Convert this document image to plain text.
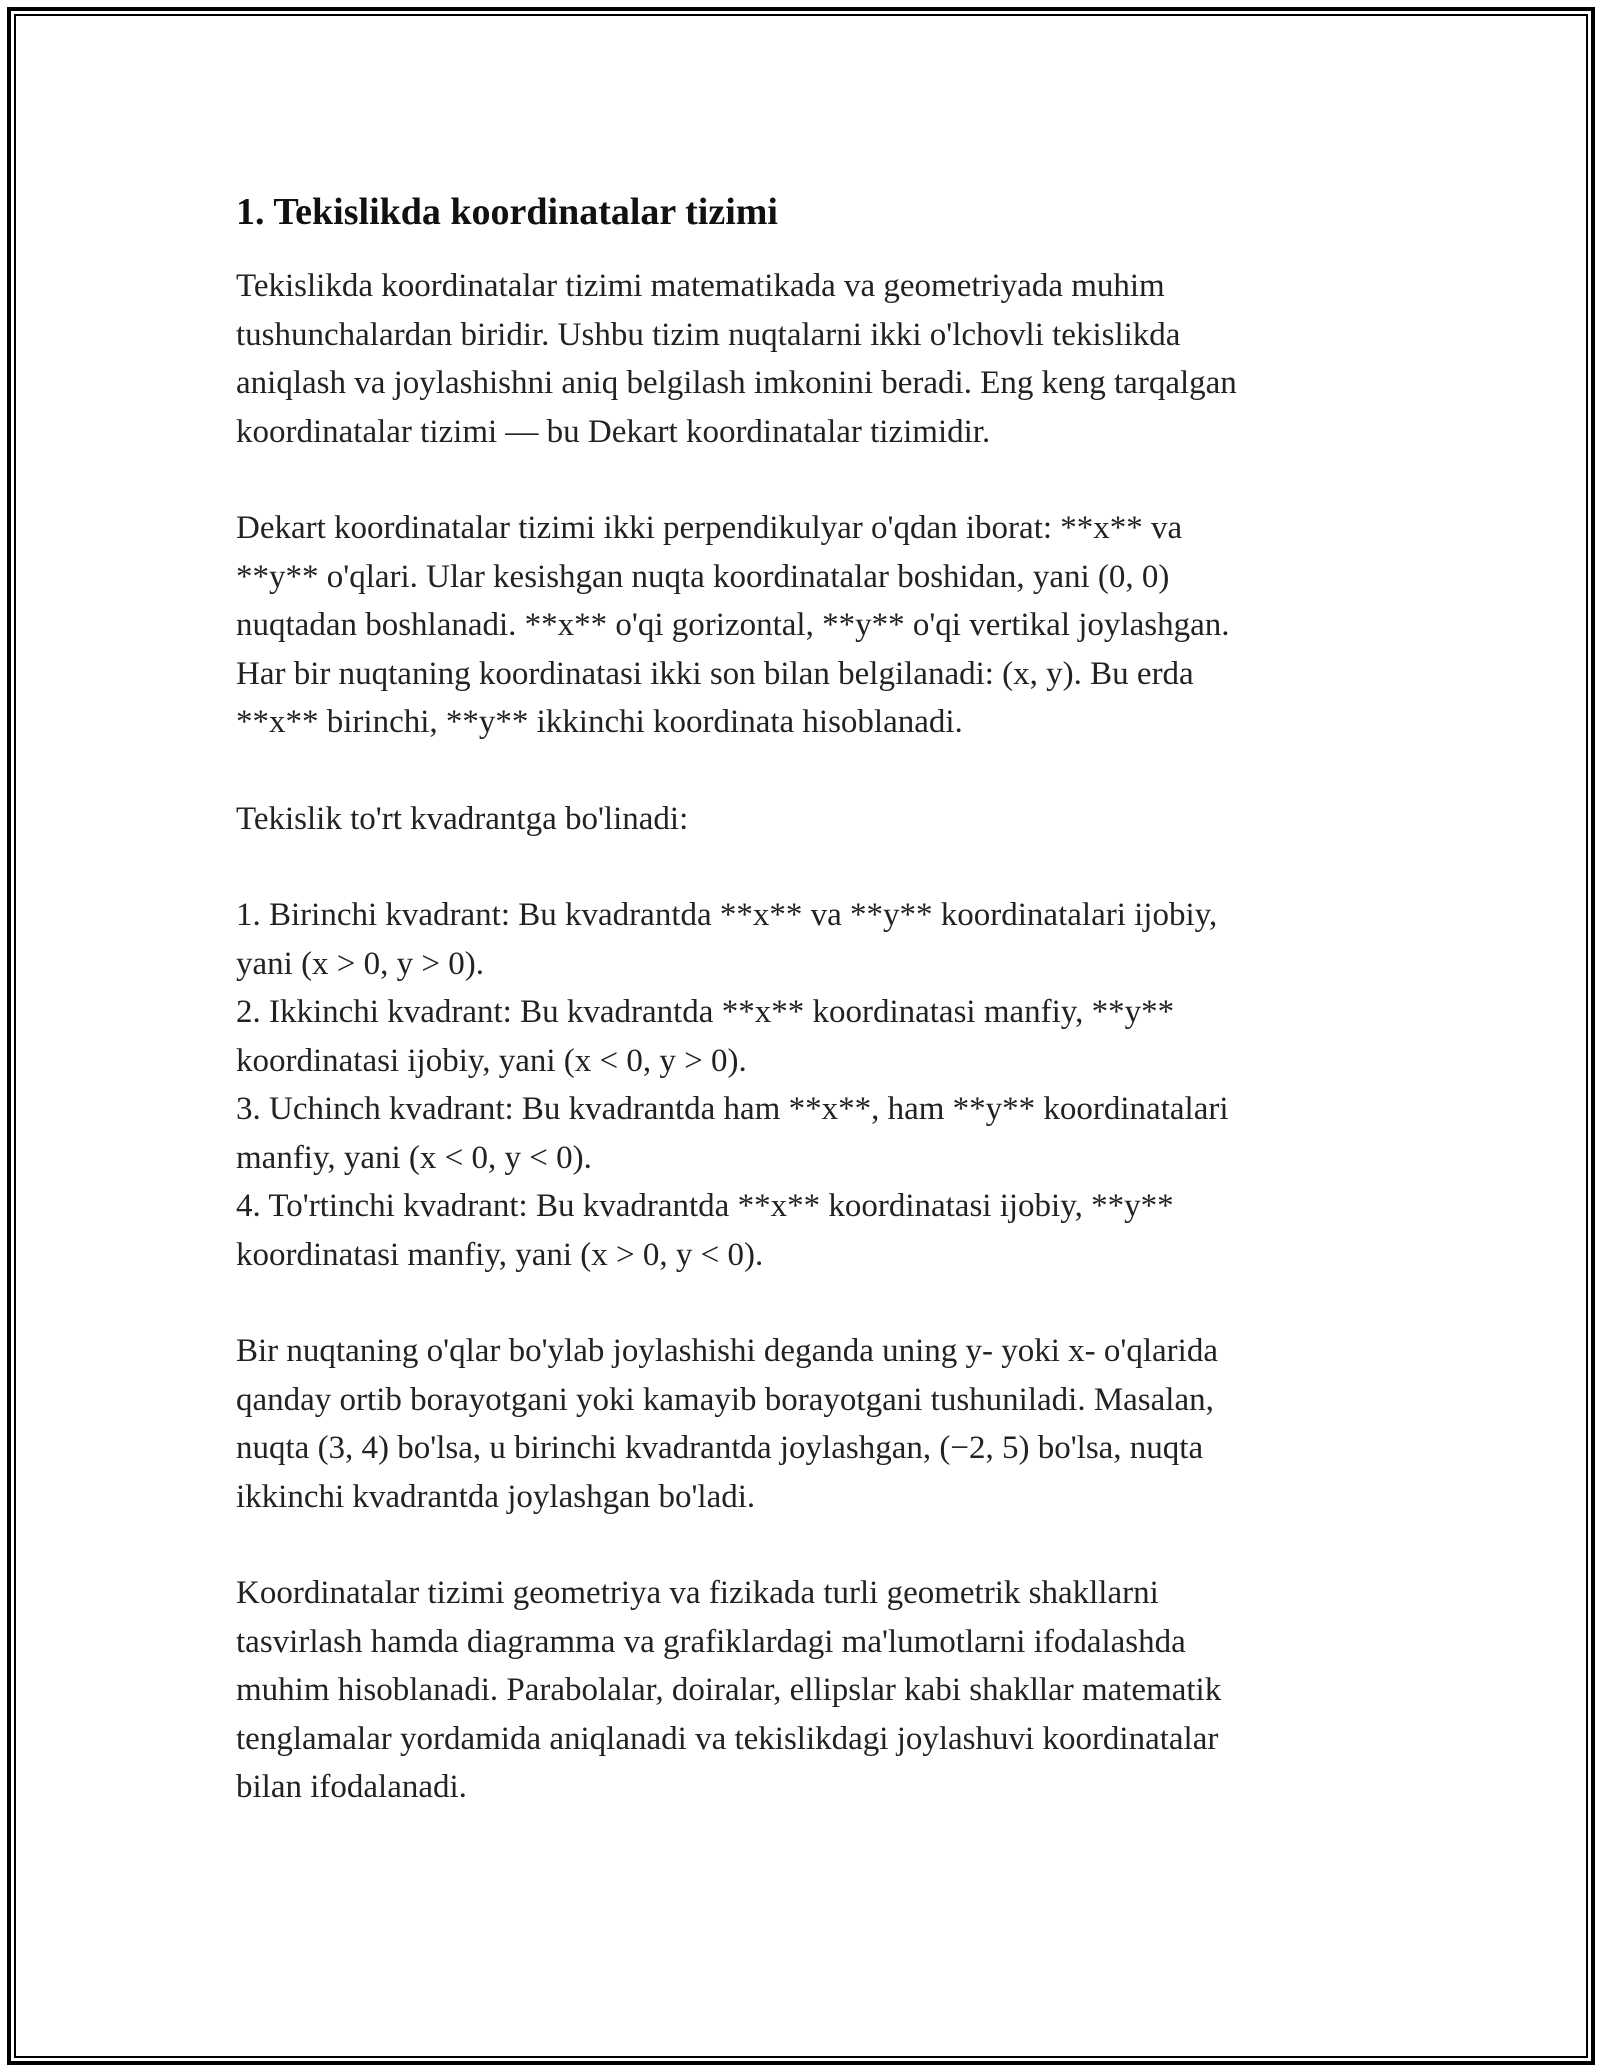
1. Tekislikda koordinatalar tizimi

Tekislikda koordinatalar tizimi matematikada va geometriyada muhim
tushunchalardan biridir. Ushbu tizim nuqtalarni ikki o'lchovli tekislikda
aniqlash va joylashishni aniq belgilash imkonini beradi. Eng keng tarqalgan
koordinatalar tizimi — bu Dekart koordinatalar tizimidir.

Dekart koordinatalar tizimi ikki perpendikulyar o'qdan iborat: **x** va
**y** o'qlari. Ular kesishgan nuqta koordinatalar boshidan, yani (0, 0)
nuqtadan boshlanadi. **x** o'qi gorizontal, **y** o'qi vertikal joylashgan.
Har bir nuqtaning koordinatasi ikki son bilan belgilanadi: (x, y). Bu erda
**x** birinchi, **y** ikkinchi koordinata hisoblanadi.

Tekislik to'rt kvadrantga bo'linadi:

1. Birinchi kvadrant: Bu kvadrantda **x** va **y** koordinatalari ijobiy,
yani (x > 0, y > 0).
2. Ikkinchi kvadrant: Bu kvadrantda **x** koordinatasi manfiy, **y**
koordinatasi ijobiy, yani (x < 0, y > 0).
3. Uchinch kvadrant: Bu kvadrantda ham **x**, ham **y** koordinatalari
manfiy, yani (x < 0, y < 0).
4. To'rtinchi kvadrant: Bu kvadrantda **x** koordinatasi ijobiy, **y**
koordinatasi manfiy, yani (x > 0, y < 0).

Bir nuqtaning o'qlar bo'ylab joylashishi deganda uning y- yoki x- o'qlarida
qanday ortib borayotgani yoki kamayib borayotgani tushuniladi. Masalan,
nuqta (3, 4) bo'lsa, u birinchi kvadrantda joylashgan, (−2, 5) bo'lsa, nuqta
ikkinchi kvadrantda joylashgan bo'ladi.

Koordinatalar tizimi geometriya va fizikada turli geometrik shakllarni
tasvirlash hamda diagramma va grafiklardagi ma'lumotlarni ifodalashda
muhim hisoblanadi. Parabolalar, doiralar, ellipslar kabi shakllar matematik
tenglamalar yordamida aniqlanadi va tekislikdagi joylashuvi koordinatalar
bilan ifodalanadi.
